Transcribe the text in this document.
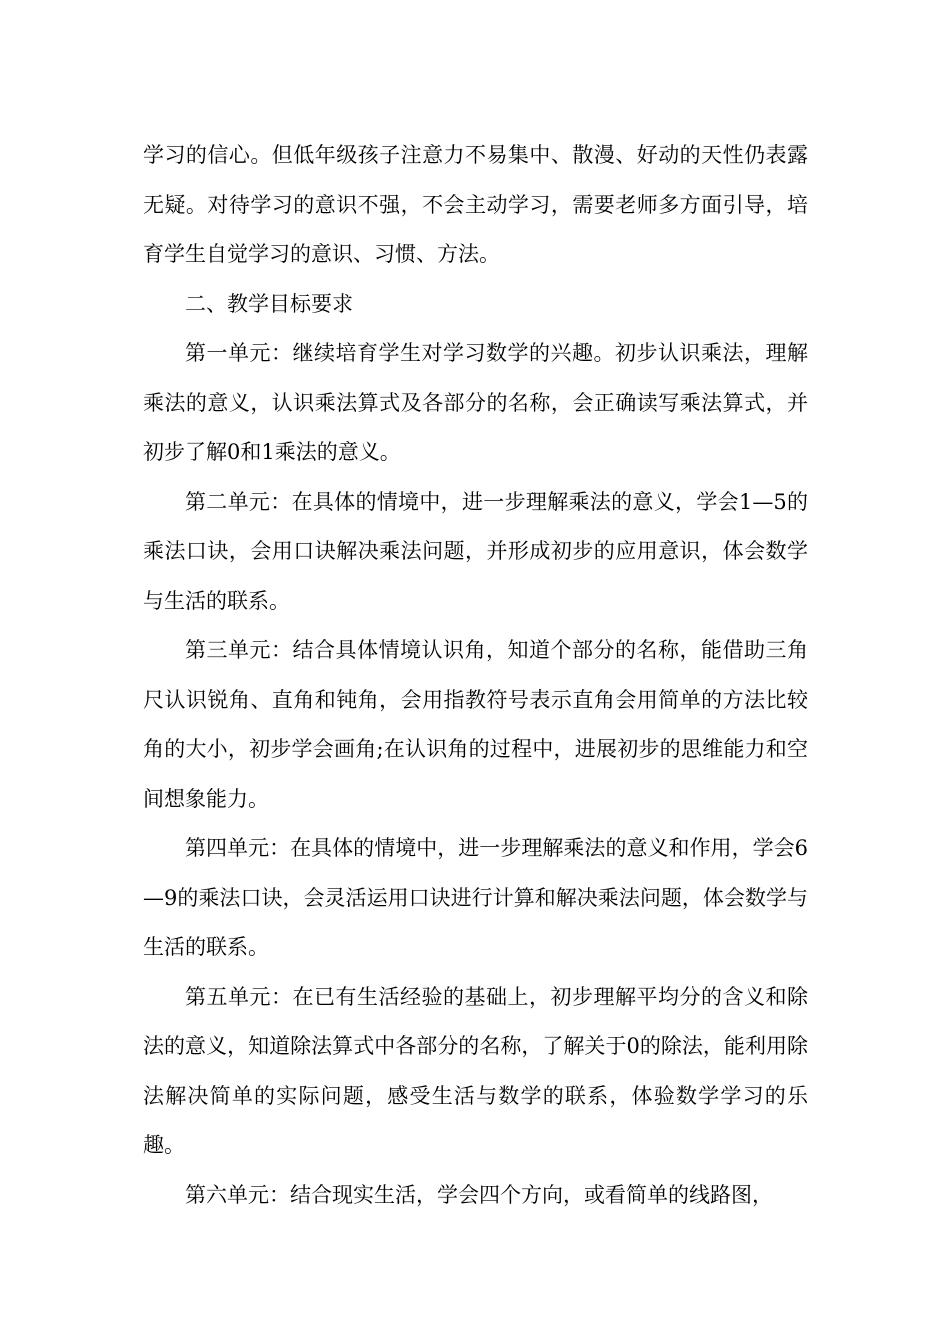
学习的信心。但低年级孩子注意力不易集中、散漫、好动的天性仍表露无疑。对待学习的意识不强，不会主动学习，需要老师多方面引导，培育学生自觉学习的意识、习惯、方法。

二、教学目标要求

第一单元：继续培育学生对学习数学的兴趣。初步认识乘法，理解乘法的意义，认识乘法算式及各部分的名称，会正确读写乘法算式，并初步了解0和1乘法的意义。

第二单元：在具体的情境中，进一步理解乘法的意义，学会1—5的乘法口诀，会用口诀解决乘法问题，并形成初步的应用意识，体会数学与生活的联系。

第三单元：结合具体情境认识角，知道个部分的名称，能借助三角尺认识锐角、直角和钝角，会用指教符号表示直角会用简单的方法比较角的大小，初步学会画角;在认识角的过程中，进展初步的思维能力和空间想象能力。

第四单元：在具体的情境中，进一步理解乘法的意义和作用，学会6—9的乘法口诀，会灵活运用口诀进行计算和解决乘法问题，体会数学与生活的联系。

第五单元：在已有生活经验的基础上，初步理解平均分的含义和除法的意义，知道除法算式中各部分的名称，了解关于0的除法，能利用除法解决简单的实际问题，感受生活与数学的联系，体验数学学习的乐趣。

第六单元：结合现实生活，学会四个方向，或看简单的线路图，
